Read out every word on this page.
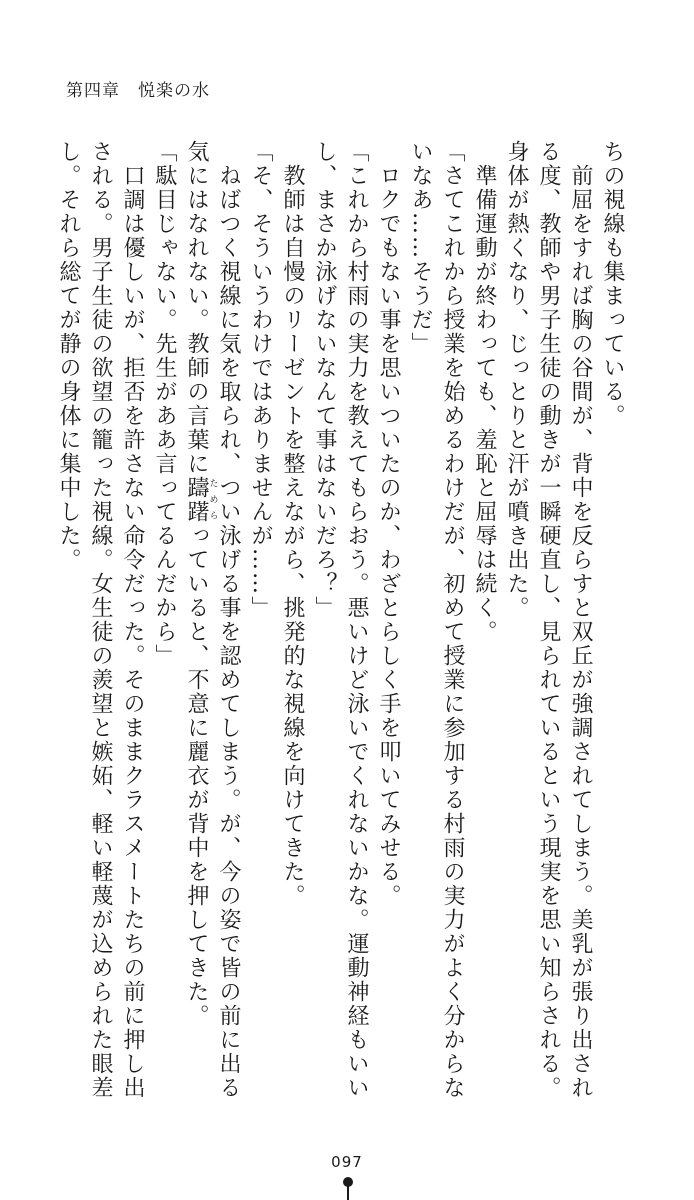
第四章　悦楽の水
ちの視線も集まっている。
　前屈をすれば胸の谷間が、背中を反らすと双丘が強調されてしまう。美乳が張り出され
る度、教師や男子生徒の動きが一瞬硬直し、見られているという現実を思い知らされる。
身体が熱くなり、じっとりと汗が噴き出た。
　準備運動が終わっても、羞恥と屈辱は続く。
「さてこれから授業を始めるわけだが、初めて授業に参加する村雨の実力がよく分からな
いなあ……そうだ」
　ロクでもない事を思いついたのか、わざとらしく手を叩いてみせる。
「これから村雨の実力を教えてもらおう。悪いけど泳いでくれないかな。運動神経もいい
し、まさか泳げないなんて事はないだろ？」
　教師は自慢のリーゼントを整えながら、挑発的な視線を向けてきた。
「そ、そういうわけではありませんが……」
　ねばつく視線に気を取られ、つい泳げる事を認めてしまう。が、今の姿で皆の前に出る
気にはなれない。教師の言葉に躊躇ためらっていると、不意に麗衣が背中を押してきた。
「駄目じゃない。先生がああ言ってるんだから」
　口調は優しいが、拒否を許さない命令だった。そのままクラスメートたちの前に押し出
される。男子生徒の欲望の籠った視線。女生徒の羨望と嫉妬、軽い軽蔑が込められた眼差
し。それら総てが静の身体に集中した。
097
